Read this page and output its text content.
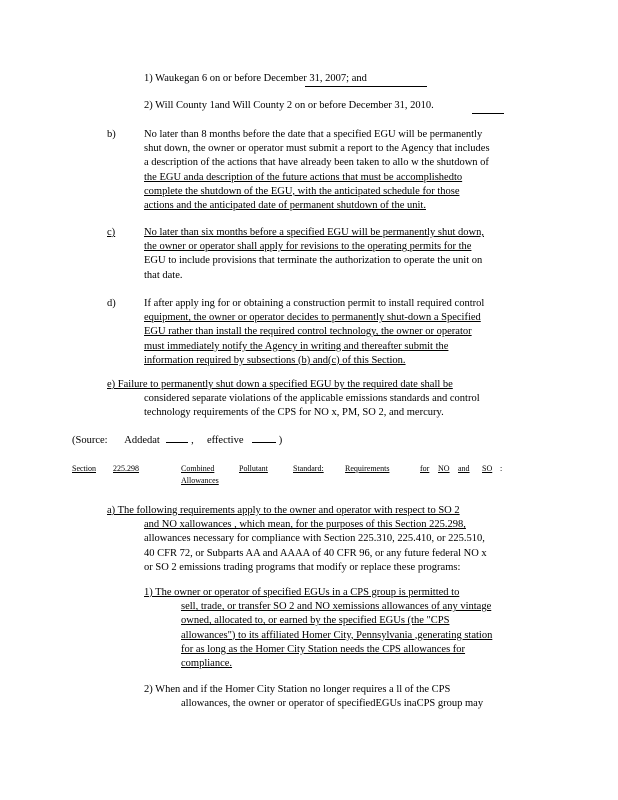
1) Waukegan 6 on or before December 31, 2007; and
2) Will County 1and Will County 2 on or before December 31, 2010.
b)	No later than 8 months before the date that a specified EGU will be permanently
shut down, the owner or operator must submit a report to the Agency that includes
a description of the actions that have already been taken to allo w the shutdown of
the EGU anda description of the future actions that must be accomplishedto
complete the shutdown of the EGU, with the anticipated schedule for those
actions and the anticipated date of permanent shutdown of the unit.
c)	No later than six months before a specified EGU will be permanently shut down,
the owner or operator shall apply for revisions to the operating permits for the
EGU to include provisions that terminate the authorization to operate the unit on
that date.
d)	If after apply ing for or obtaining a construction permit to install required control
equipment, the owner or operator decides to permanently shut-down a Specified
EGU rather than install the required control technology, the owner or operator
must immediately notify the Agency in writing and thereafter submit the
information required by subsections (b) and(c) of this Section.
e) Failure to permanently shut down a specified EGU by the required date shall be
considered separate violations of the applicable emissions standards and control
technology requirements of the CPS for NO x, PM, SO 2, and mercury.
(Source: Addedat	, effective	)
Section 225.298	Combined
Allowances
Pollutant	Standard:	Requirements	for NO and SO :
a) The following requirements apply to the owner and operator with respect to SO 2
and NO xallowances , which mean, for the purposes of this Section 225.298,
allowances necessary for compliance with Section 225.310, 225.410, or 225.510,
40 CFR 72, or Subparts AA and AAAA of 40 CFR 96, or any future federal NO x
or SO 2 emissions trading programs that modify or replace these programs:
1) The owner or operator of specified EGUs in a CPS group is permitted to
sell, trade, or transfer SO 2 and NO xemissions allowances of any vintage
owned, allocated to, or earned by the specified EGUs (the "CPS
allowances") to its affiliated Homer City, Pennsylvania ,generating station
for as long as the Homer City Station needs the CPS allowances for
compliance.
2) When and if the Homer City Station no longer requires a ll of the CPS
allowances, the owner or operator of specifiedEGUs inaCPS group may
